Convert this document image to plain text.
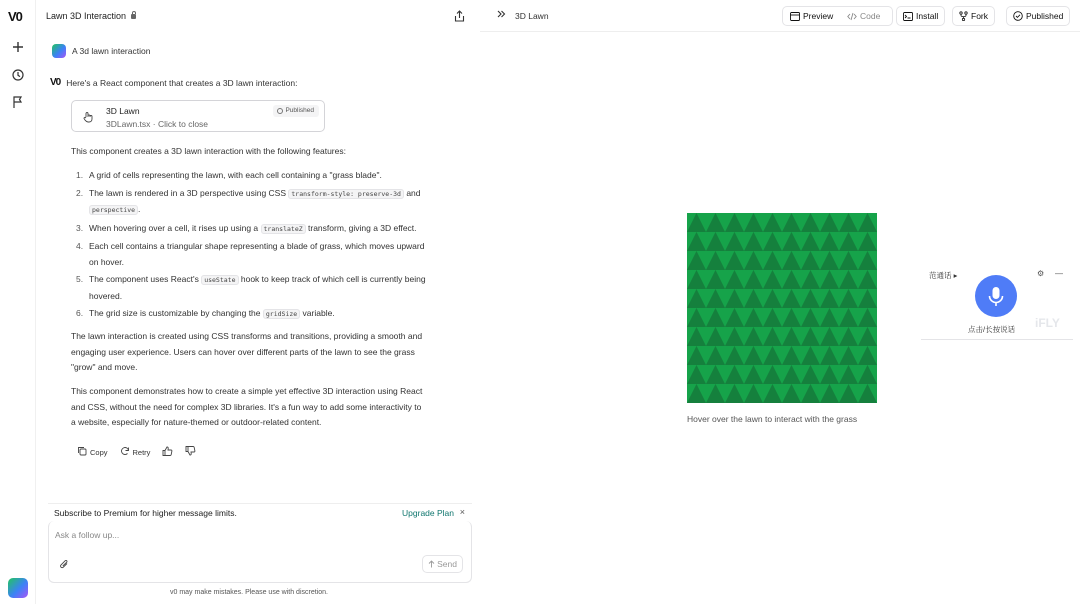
V0	Lawn 3D Interaction
A 3d lawn interaction
V0 Here's a React component that creates a 3D lawn interaction:
3D Lawn
3DLawn.tsx · Click to close
Published
This component creates a 3D lawn interaction with the following features:
1. A grid of cells representing the lawn, with each cell containing a "grass blade".
2. The lawn is rendered in a 3D perspective using CSS transform-style: preserve-3d and
perspective .
3. When hovering over a cell, it rises up using a translateZ transform, giving a 3D effect.
4. Each cell contains a triangular shape representing a blade of grass, which moves upward
on hover.
5. The component uses React's useState hook to keep track of which cell is currently being
hovered.
6. The grid size is customizable by changing the gridSize variable.
The lawn interaction is created using CSS transforms and transitions, providing a smooth and
engaging user experience. Users can hover over different parts of the lawn to see the grass
"grow" and move.
This component demonstrates how to create a simple yet effective 3D interaction using React
and CSS, without the need for complex 3D libraries. It's a fun way to add some interactivity to
a website, especially for nature-themed or outdoor-related content.
Copy	Retry
Subscribe to Premium for higher message limits.	Upgrade Plan ×
Ask a follow up...
Send
v0 may make mistakes. Please use with discretion.
3D Lawn	Preview	Code	Install	Fork	Published
Hover over the lawn to interact with the grass
范通话 ▸
点击/长按说话
⚙ —
iFLY
